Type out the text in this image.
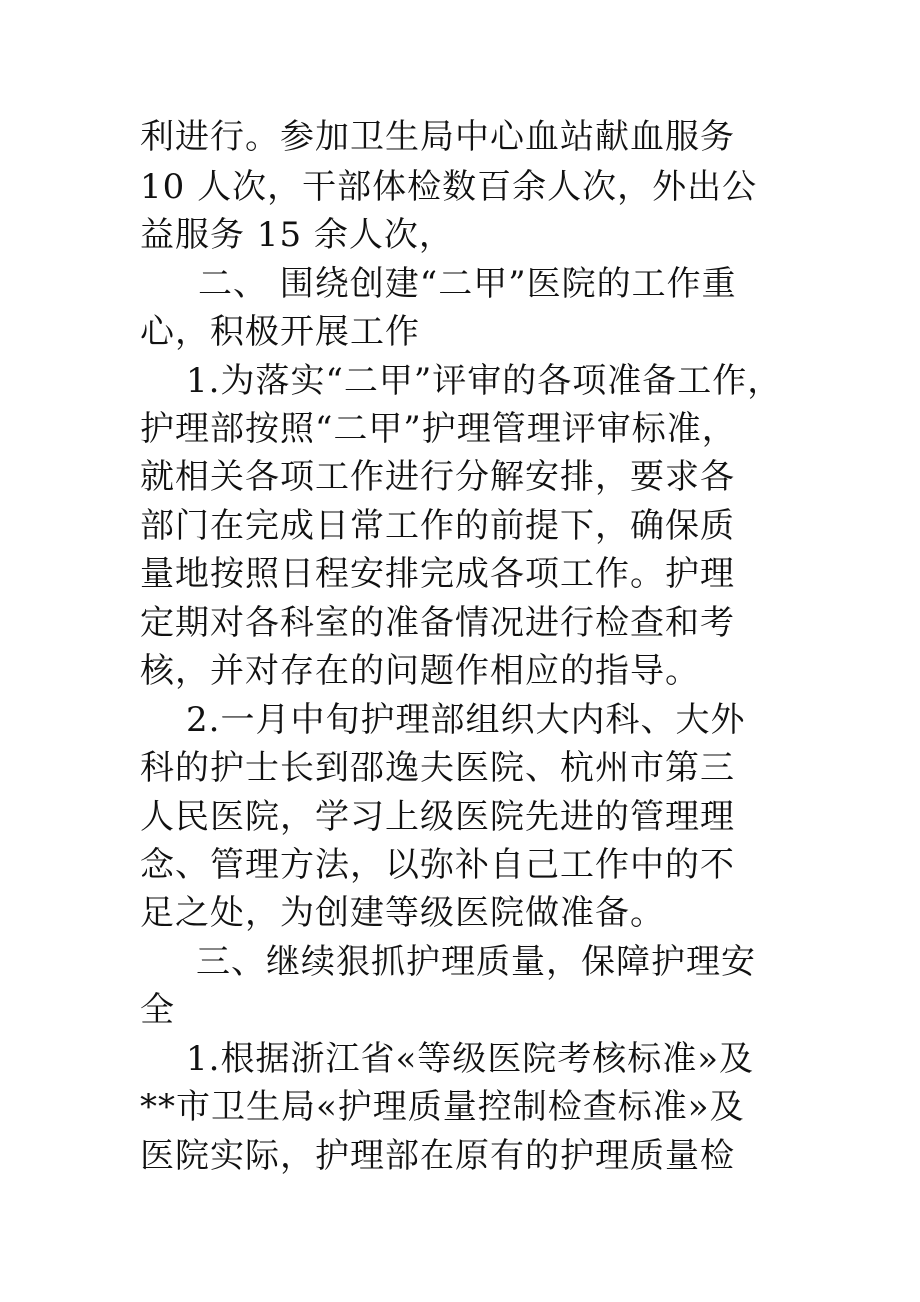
利进行。参加卫生局中心血站献血服务
10 人次，干部体检数百余人次，外出公
益服务 15 余人次，
二、 围绕创建“二甲”医院的工作重
心，积极开展工作
1.为落实“二甲”评审的各项准备工作，
护理部按照“二甲”护理管理评审标准，
就相关各项工作进行分解安排，要求各
部门在完成日常工作的前提下，确保质
量地按照日程安排完成各项工作。护理
定期对各科室的准备情况进行检查和考
核，并对存在的问题作相应的指导。
2.一月中旬护理部组织大内科、大外
科的护士长到邵逸夫医院、杭州市第三
人民医院，学习上级医院先进的管理理
念、管理方法，以弥补自己工作中的不
足之处，为创建等级医院做准备。
三、继续狠抓护理质量，保障护理安
全
1.根据浙江省«等级医院考核标准»及
**市卫生局«护理质量控制检查标准»及
医院实际，护理部在原有的护理质量检
